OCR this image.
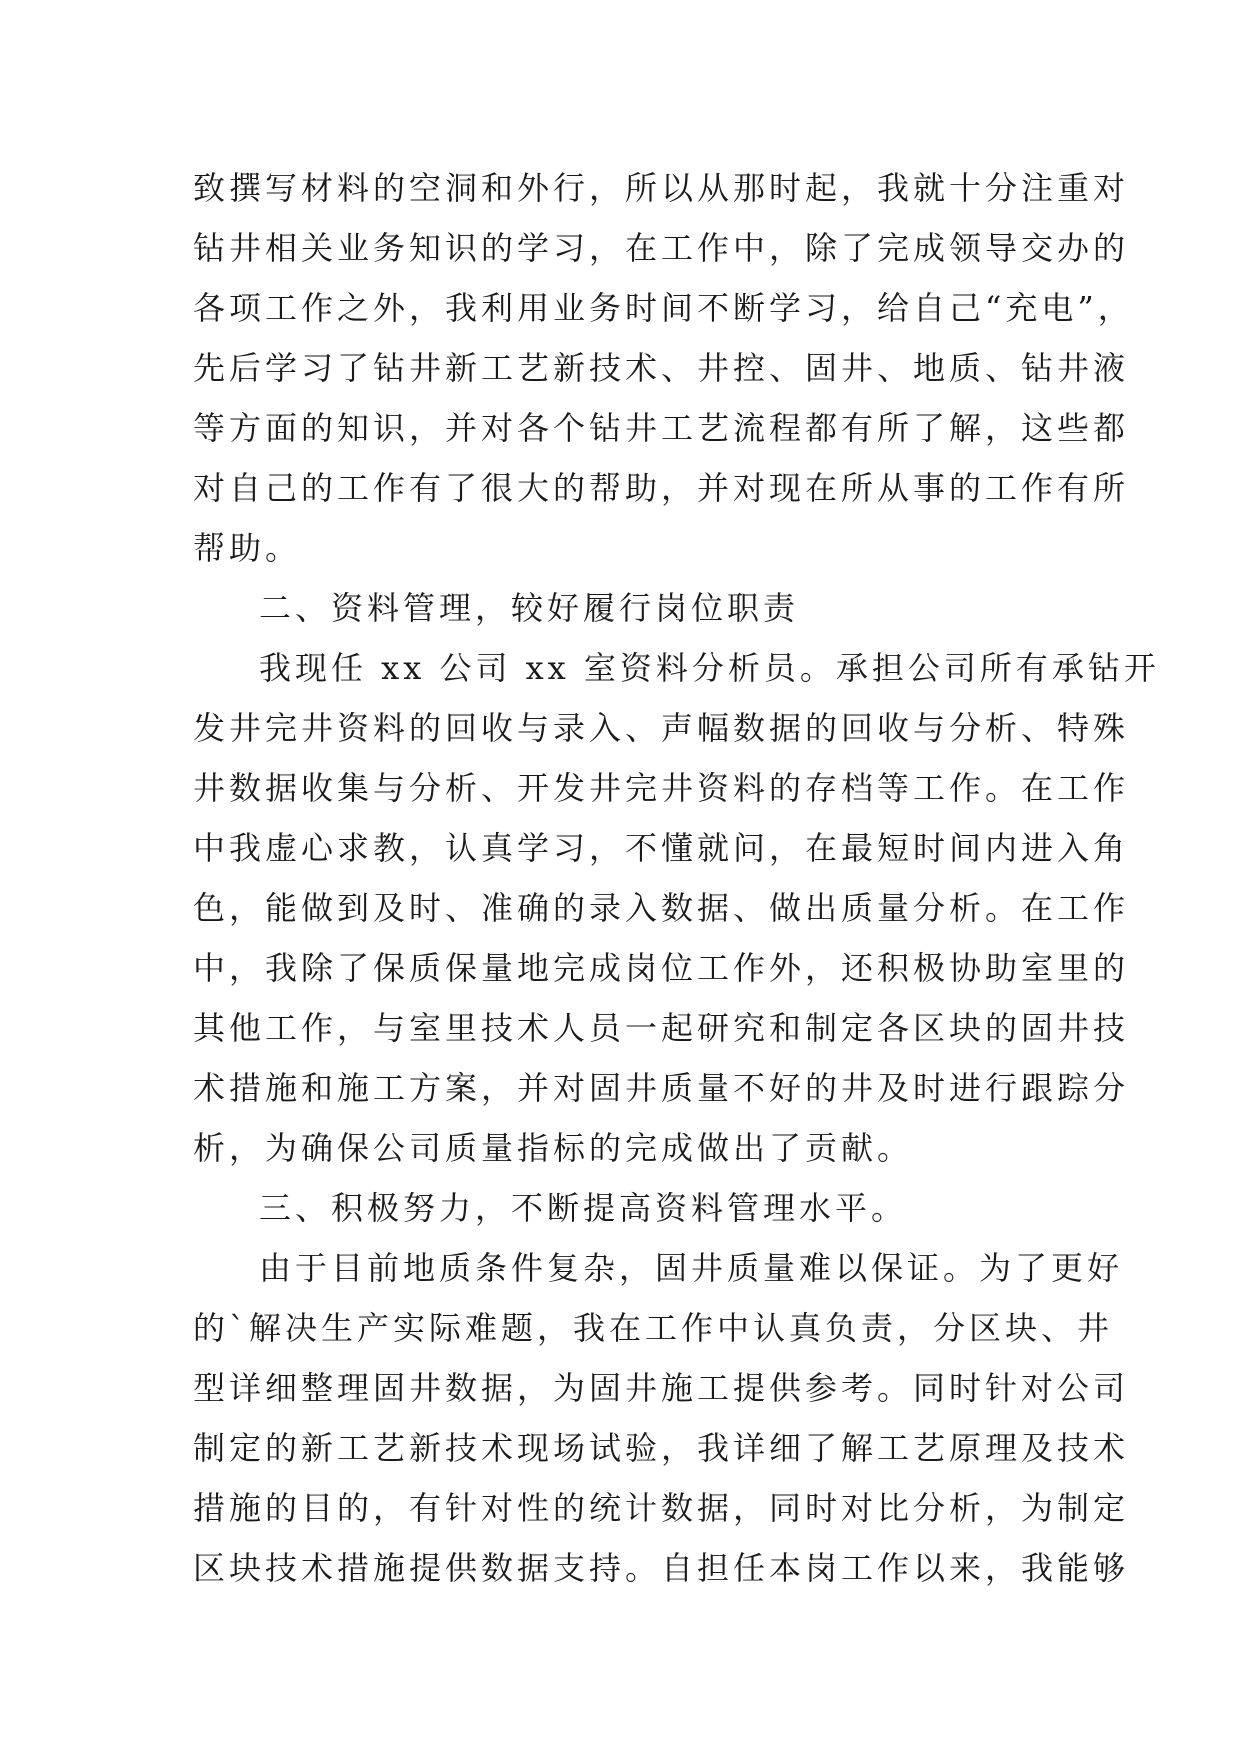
致撰写材料的空洞和外行，所以从那时起，我就十分注重对
钻井相关业务知识的学习，在工作中，除了完成领导交办的
各项工作之外，我利用业务时间不断学习，给自己“充电”，
先后学习了钻井新工艺新技术、井控、固井、地质、钻井液
等方面的知识，并对各个钻井工艺流程都有所了解，这些都
对自己的工作有了很大的帮助，并对现在所从事的工作有所
帮助。
二、资料管理，较好履行岗位职责
我现任 xx 公司 xx 室资料分析员。承担公司所有承钻开
发井完井资料的回收与录入、声幅数据的回收与分析、特殊
井数据收集与分析、开发井完井资料的存档等工作。在工作
中我虚心求教，认真学习，不懂就问，在最短时间内进入角
色，能做到及时、准确的录入数据、做出质量分析。在工作
中，我除了保质保量地完成岗位工作外，还积极协助室里的
其他工作，与室里技术人员一起研究和制定各区块的固井技
术措施和施工方案，并对固井质量不好的井及时进行跟踪分
析，为确保公司质量指标的完成做出了贡献。
三、积极努力，不断提高资料管理水平。
由于目前地质条件复杂，固井质量难以保证。为了更好
的`解决生产实际难题，我在工作中认真负责，分区块、井
型详细整理固井数据，为固井施工提供参考。同时针对公司
制定的新工艺新技术现场试验，我详细了解工艺原理及技术
措施的目的，有针对性的统计数据，同时对比分析，为制定
区块技术措施提供数据支持。自担任本岗工作以来，我能够
